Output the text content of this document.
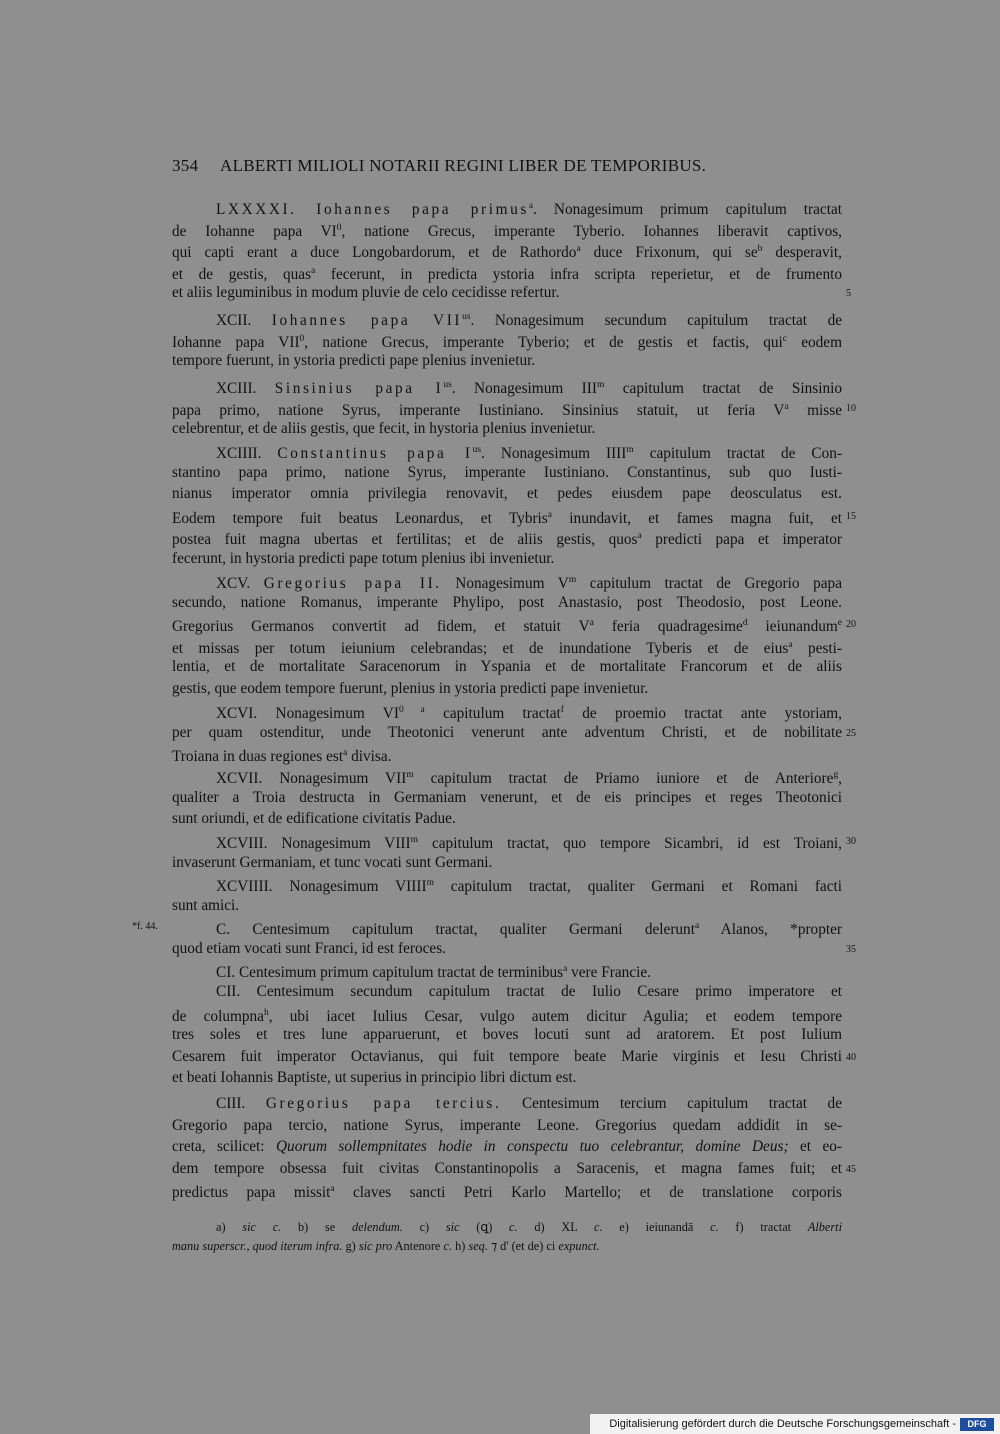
354 ALBERTI MILIOLI NOTARII REGINI LIBER DE TEMPORIBUS.
LXXXXI. Iohannes papa primus$^a$. Nonagesimum primum capitulum tractat
de Iohanne papa $VI^0$, natione Grecus, imperante Tyberio. Iohannes liberavit captivos,
qui capti erant a duce Longobardorum, et de Rathordo$^a$ duce Frixonum, qui $se^b$ desperavit,
et de gestis, quas$^a$ fecerunt, in predicta ystoria infra scripta reperietur, et de frumento
et aliis leguminibus in modum pluvie de celo cecidisse refertur.	5
XCII. Iohannes papa $VII^{us}$. Nonagesimum secundum capitulum tractat de
Iohanne papa VII$^0$, natione Grecus, imperante Tyberio; et de gestis et factis, qui$^c$ eodem
tempore fuerunt, in ystoria predicti pape plenius invenietur.
XCIII. Sinsinius papa $I^{us}$. Nonagesimum III$^m$ capitulum tractat de Sinsinio
papa primo, natione Syrus, imperante Iustiniano. Sinsinius statuit, ut feria $V^a$ misse 10
celebrentur, et de aliis gestis, que fecit, in hystoria plenius invenietur.
XCIIII. Constantinus papa $I^{us}$. Nonagesimum IIII$^m$ capitulum tractat de Con-
stantino papa primo, natione Syrus, imperante Iustiniano. Constantinus, sub quo Iusti-
nianus imperator omnia privilegia renovavit, et pedes eiusdem pape deosculatus est.
Eodem tempore fuit beatus Leonardus, et Tybris$^a$ inundavit, et fames magna fuit, et 15
postea fuit magna ubertas et fertilitas; et de aliis gestis, quos$^a$ predicti papa et imperator
fecerunt, in hystoria predicti pape totum plenius ibi invenietur.
XCV. Gregorius papa II. Nonagesimum $V^m$ capitulum tractat de Gregorio papa
secundo, natione Romanus, imperante Phylipo, post Anastasio, post Theodosio, post Leone.
Gregorius Germanos convertit ad fidem, et statuit $V^a$ feria quadragesime$^d$ ieiunandum$^e$ 20
et missas per totum ieiunium celebrandas; et de inundatione Tyberis et de eius$^a$ pesti-
lentia, et de mortalitate Saracenorum in Yspania et de mortalitate Francorum et de aliis
gestis, que eodem tempore fuerunt, plenius in ystoria predicti pape invenietur.
XCVI. Nonagesimum $VI^{0 a}$ capitulum tractat$^f$ de proemio tractat ante ystoriam,
per quam ostenditur, unde Theotonici venerunt ante adventum Christi, et de nobilitate 25
Troiana in duas regiones est$^a$ divisa.
XCVII. Nonagesimum VII$^m$ capitulum tractat de Priamo iuniore et de Anteriore$^g$,
qualiter a Troia destructa in Germaniam venerunt, et de eis principes et reges Theotonici
sunt oriundi, et de edificatione civitatis Padue.
XCVIII. Nonagesimum VIII$^m$ capitulum tractat, quo tempore Sicambri, id est Troiani, 30
invaserunt Germaniam, et tunc vocati sunt Germani.
XCVIIII. Nonagesimum VIIII$^m$ capitulum tractat, qualiter Germani et Romani facti
sunt amici.
C. Centesimum capitulum tractat, qualiter Germani delerunt$^a$ Alanos, *propter
*f. 44.
quod etiam vocati sunt Franci, id est feroces.	35
CI. Centesimum primum capitulum tractat de terminibus$^a$ vere Francie.
CII. Centesimum secundum capitulum tractat de Iulio Cesare primo imperatore et
de columpna$^h$, ubi iacet Iulius Cesar, vulgo autem dicitur Agulia; et eodem tempore
tres soles et tres lune apparuerunt, et boves locuti sunt ad aratorem. Et post Iulium
Cesarem fuit imperator Octavianus, qui fuit tempore beate Marie virginis et Iesu Christi 40
et beati Iohannis Baptiste, ut superius in principio libri dictum est.
CIII. Gregorius papa tercius. Centesimum tercium capitulum tractat de
Gregorio papa tercio, natione Syrus, imperante Leone. Gregorius quedam addidit in se-
creta, scilicet: Quorum sollempnitates hodie in conspectu tuo celebrantur, domine Deus; et eo-
dem tempore obsessa fuit civitas Constantinopolis a Saracenis, et magna fames fuit; et 45
predictus papa missit$^a$ claves sancti Petri Karlo Martello; et de translatione corporis
a) sic c. b) se delendum. c) sic (ꝗ) c. d) XL c. e) ieiunandā c. f) tractat Alberti
manu superscr., quod iterum infra. g) sic pro Antenore c. h) seq. ⁊ d' (et de) ci expunct.
Digitalisierung gefördert durch die Deutsche Forschungsgemeinschaft -	DFG
